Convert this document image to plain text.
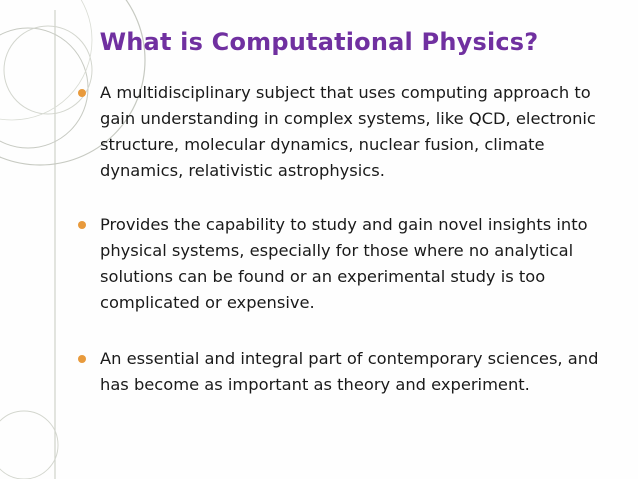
What is Computational Physics?
A multidisciplinary subject that uses computing approach to gain understanding in complex systems, like QCD, electronic structure, molecular dynamics, nuclear fusion, climate dynamics, relativistic astrophysics.
Provides the capability to study and gain novel insights into physical systems, especially for those where no analytical solutions can be found or an experimental study is too complicated or expensive.
An essential and integral part of contemporary sciences, and has become as important as theory and experiment.
